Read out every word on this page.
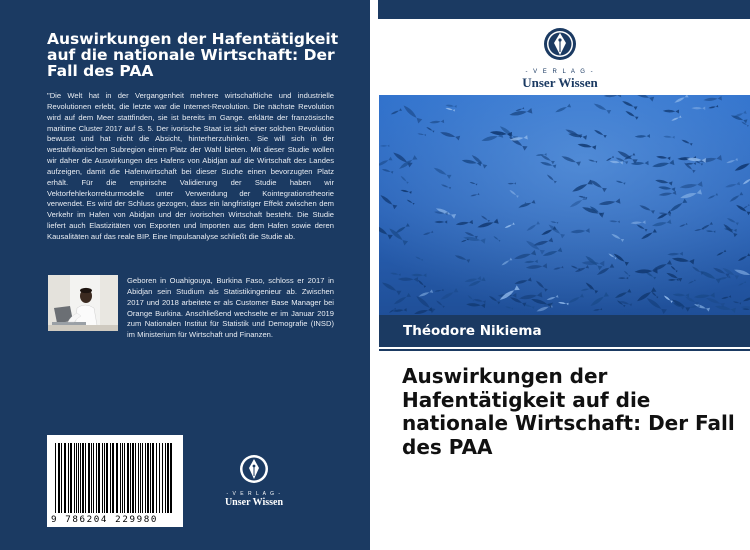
Auswirkungen der Hafentätigkeit auf die nationale Wirtschaft: Der Fall des PAA
"Die Welt hat in der Vergangenheit mehrere wirtschaftliche und industrielle Revolutionen erlebt, die letzte war die Internet-Revolution. Die nächste Revolution wird auf dem Meer stattfinden, sie ist bereits im Gange. erklärte der französische maritime Cluster 2017 auf S. 5. Der ivorische Staat ist sich einer solchen Revolution bewusst und hat nicht die Absicht, hinterherzuhinken. Sie will sich in der westafrikanischen Subregion einen Platz der Wahl bieten. Mit dieser Studie wollen wir daher die Auswirkungen des Hafens von Abidjan auf die Wirtschaft des Landes aufzeigen, damit die Hafenwirtschaft bei dieser Suche einen bevorzugten Platz erhält. Für die empirische Validierung der Studie haben wir Vektorfehlerkorrekturmodelle unter Verwendung der Kointegrationstheorie verwendet. Es wird der Schluss gezogen, dass ein langfristiger Effekt zwischen dem Verkehr im Hafen von Abidjan und der ivorischen Wirtschaft besteht. Die Studie liefert auch Elastizitäten von Exporten und Importen aus dem Hafen sowie deren Kausalitäten auf das reale BIP. Eine Impulsanalyse schließt die Studie ab.
Geboren in Ouahigouya, Burkina Faso, schloss er 2017 in Abidjan sein Studium als Statistikingenieur ab. Zwischen 2017 und 2018 arbeitete er als Customer Base Manager bei Orange Burkina. Anschließend wechselte er im Januar 2019 zum Nationalen Institut für Statistik und Demografie (INSD) im Ministerium für Wirtschaft und Finanzen.
9 786204 229980
- V E R L A G -
Unser Wissen
- V E R L A G -
Unser Wissen
Théodore Nikiema
Auswirkungen der Hafentätigkeit auf die nationale Wirtschaft: Der Fall des PAA
